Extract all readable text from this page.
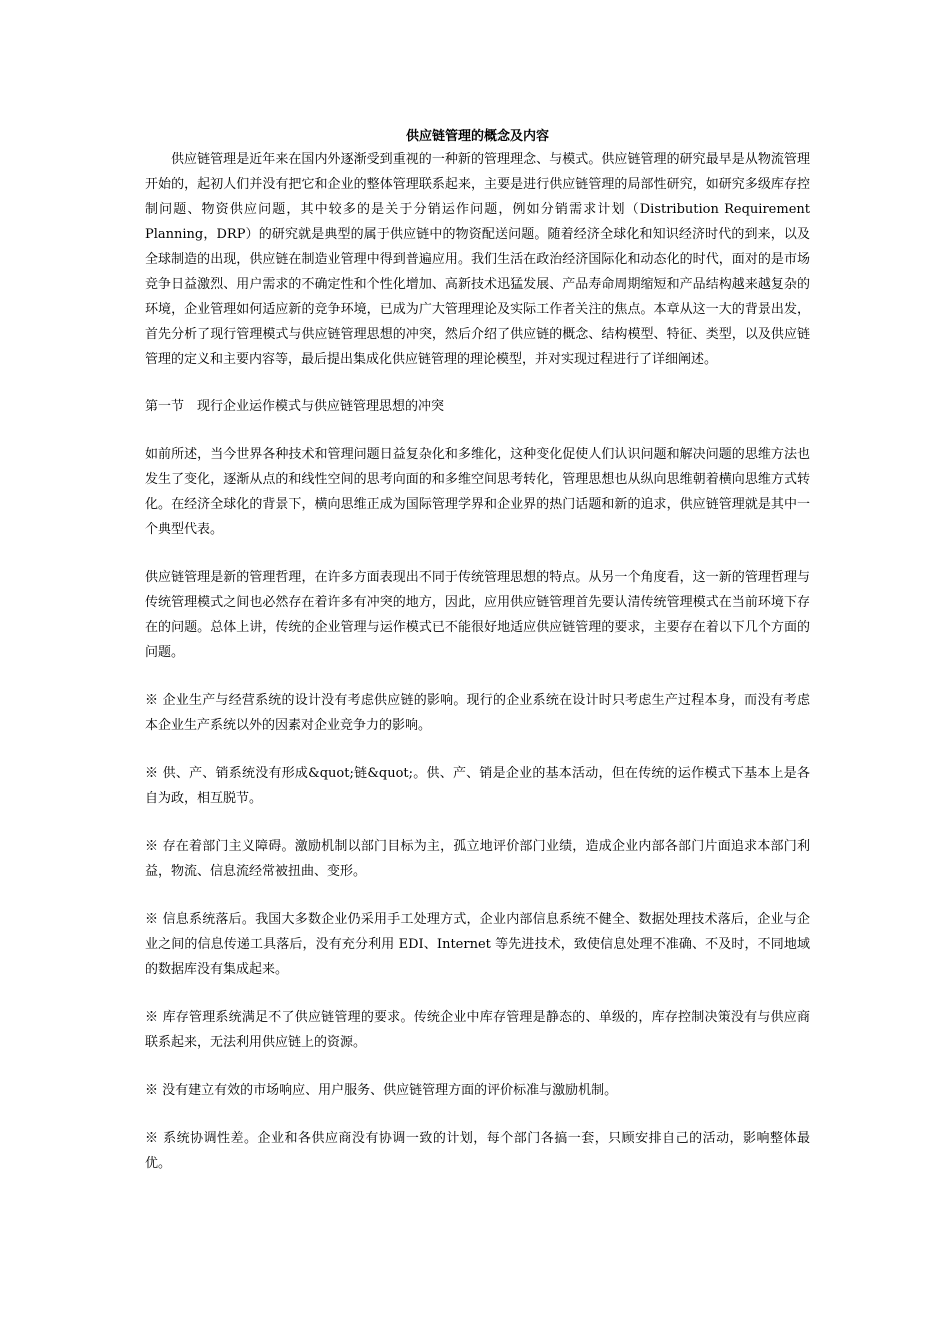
供应链管理的概念及内容

供应链管理是近年来在国内外逐渐受到重视的一种新的管理理念、与模式。供应链管理的研究最早是从物流管理开始的，起初人们并没有把它和企业的整体管理联系起来，主要是进行供应链管理的局部性研究，如研究多级库存控制问题、物资供应问题，其中较多的是关于分销运作问题，例如分销需求计划（Distribution Requirement Planning，DRP）的研究就是典型的属于供应链中的物资配送问题。随着经济全球化和知识经济时代的到来，以及全球制造的出现，供应链在制造业管理中得到普遍应用。我们生活在政治经济国际化和动态化的时代，面对的是市场竞争日益激烈、用户需求的不确定性和个性化增加、高新技术迅猛发展、产品寿命周期缩短和产品结构越来越复杂的环境，企业管理如何适应新的竞争环境，已成为广大管理理论及实际工作者关注的焦点。本章从这一大的背景出发，首先分析了现行管理模式与供应链管理思想的冲突，然后介绍了供应链的概念、结构模型、特征、类型，以及供应链管理的定义和主要内容等，最后提出集成化供应链管理的理论模型，并对实现过程进行了详细阐述。

第一节　现行企业运作模式与供应链管理思想的冲突

如前所述，当今世界各种技术和管理问题日益复杂化和多维化，这种变化促使人们认识问题和解决问题的思维方法也发生了变化，逐渐从点的和线性空间的思考向面的和多维空间思考转化，管理思想也从纵向思维朝着横向思维方式转化。在经济全球化的背景下，横向思维正成为国际管理学界和企业界的热门话题和新的追求，供应链管理就是其中一个典型代表。

供应链管理是新的管理哲理，在许多方面表现出不同于传统管理思想的特点。从另一个角度看，这一新的管理哲理与传统管理模式之间也必然存在着许多有冲突的地方，因此，应用供应链管理首先要认清传统管理模式在当前环境下存在的问题。总体上讲，传统的企业管理与运作模式已不能很好地适应供应链管理的要求，主要存在着以下几个方面的问题。

※ 企业生产与经营系统的设计没有考虑供应链的影响。现行的企业系统在设计时只考虑生产过程本身，而没有考虑本企业生产系统以外的因素对企业竞争力的影响。

※ 供、产、销系统没有形成&quot;链&quot;。供、产、销是企业的基本活动，但在传统的运作模式下基本上是各自为政，相互脱节。

※ 存在着部门主义障碍。激励机制以部门目标为主，孤立地评价部门业绩，造成企业内部各部门片面追求本部门利益，物流、信息流经常被扭曲、变形。

※ 信息系统落后。我国大多数企业仍采用手工处理方式，企业内部信息系统不健全、数据处理技术落后，企业与企业之间的信息传递工具落后，没有充分利用 EDI、Internet 等先进技术，致使信息处理不准确、不及时，不同地域的数据库没有集成起来。

※ 库存管理系统满足不了供应链管理的要求。传统企业中库存管理是静态的、单级的，库存控制决策没有与供应商联系起来，无法利用供应链上的资源。

※ 没有建立有效的市场响应、用户服务、供应链管理方面的评价标准与激励机制。

※ 系统协调性差。企业和各供应商没有协调一致的计划，每个部门各搞一套，只顾安排自己的活动，影响整体最优。
